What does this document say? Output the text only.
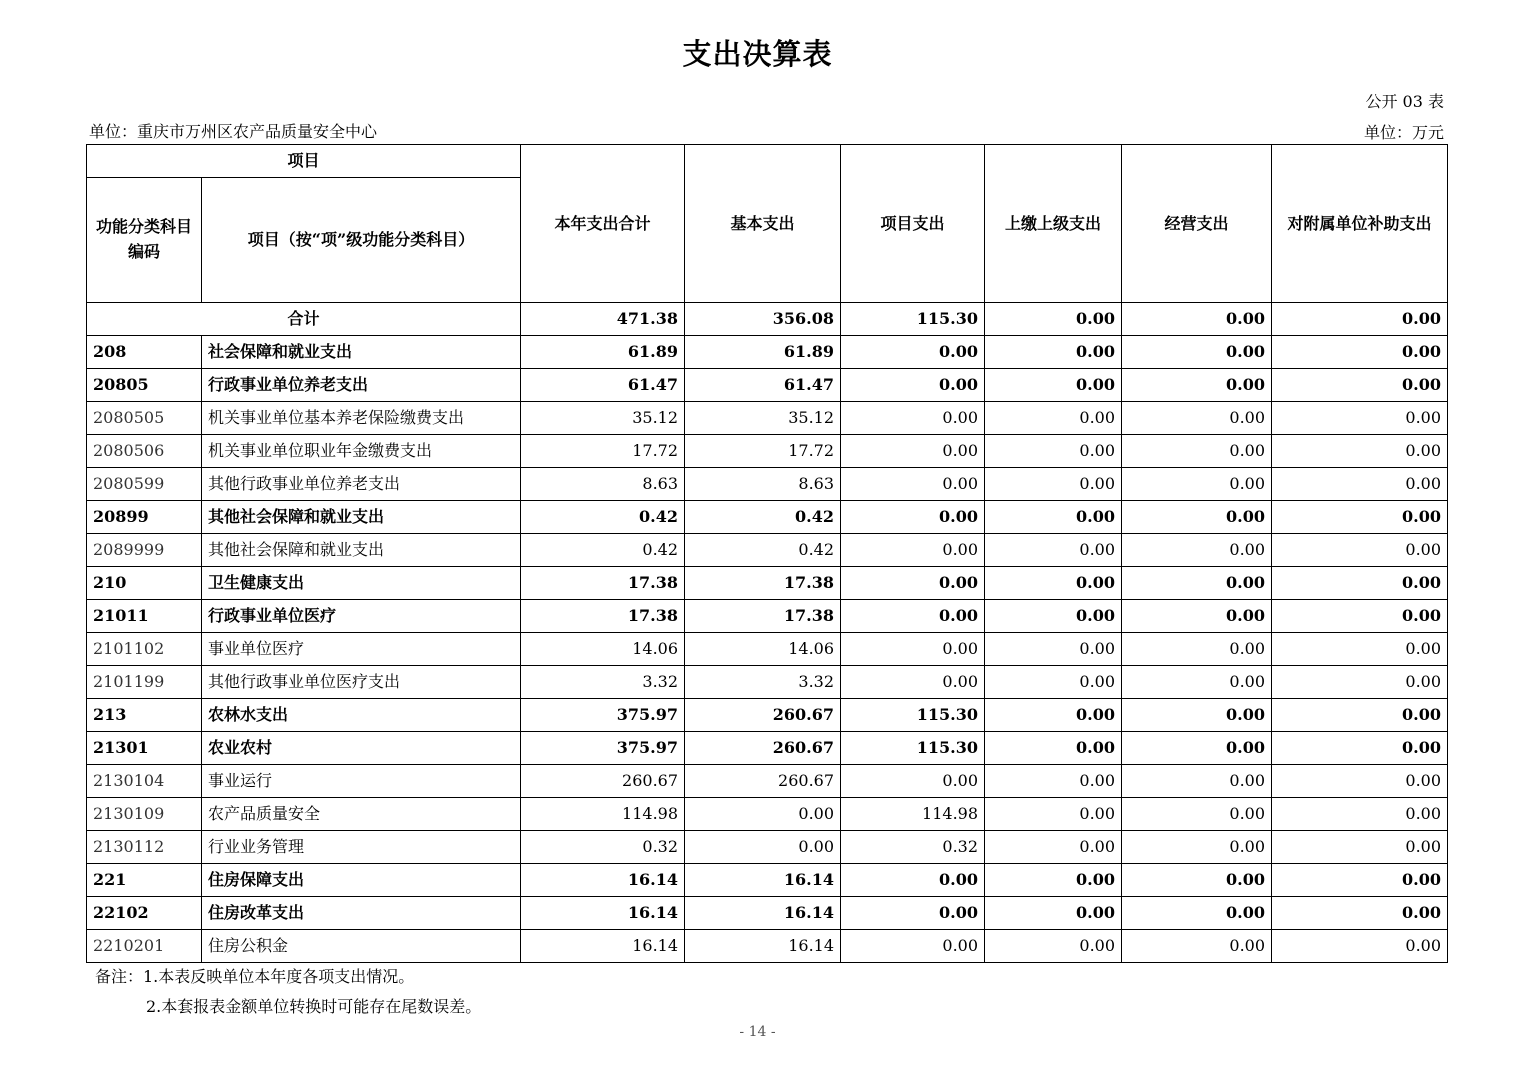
支出决算表
公开 03 表
单位：重庆市万州区农产品质量安全中心	单位：万元
项目		本年支出合计	基本支出	项目支出	上缴上级支出	经营支出	对附属单位补助支出
功能分类科目编码	项目（按“项”级功能分类科目）						
合计		471.38	356.08	115.30	0.00	0.00	0.00
208	社会保障和就业支出	61.89	61.89	0.00	0.00	0.00	0.00
20805	行政事业单位养老支出	61.47	61.47	0.00	0.00	0.00	0.00
2080505	机关事业单位基本养老保险缴费支出	35.12	35.12	0.00	0.00	0.00	0.00
2080506	机关事业单位职业年金缴费支出	17.72	17.72	0.00	0.00	0.00	0.00
2080599	其他行政事业单位养老支出	8.63	8.63	0.00	0.00	0.00	0.00
20899	其他社会保障和就业支出	0.42	0.42	0.00	0.00	0.00	0.00
2089999	其他社会保障和就业支出	0.42	0.42	0.00	0.00	0.00	0.00
210	卫生健康支出	17.38	17.38	0.00	0.00	0.00	0.00
21011	行政事业单位医疗	17.38	17.38	0.00	0.00	0.00	0.00
2101102	事业单位医疗	14.06	14.06	0.00	0.00	0.00	0.00
2101199	其他行政事业单位医疗支出	3.32	3.32	0.00	0.00	0.00	0.00
213	农林水支出	375.97	260.67	115.30	0.00	0.00	0.00
21301	农业农村	375.97	260.67	115.30	0.00	0.00	0.00
2130104	事业运行	260.67	260.67	0.00	0.00	0.00	0.00
2130109	农产品质量安全	114.98	0.00	114.98	0.00	0.00	0.00
2130112	行业业务管理	0.32	0.00	0.32	0.00	0.00	0.00
221	住房保障支出	16.14	16.14	0.00	0.00	0.00	0.00
22102	住房改革支出	16.14	16.14	0.00	0.00	0.00	0.00
2210201	住房公积金	16.14	16.14	0.00	0.00	0.00	0.00
备注：1.本表反映单位本年度各项支出情况。
2.本套报表金额单位转换时可能存在尾数误差。
- 14 -
